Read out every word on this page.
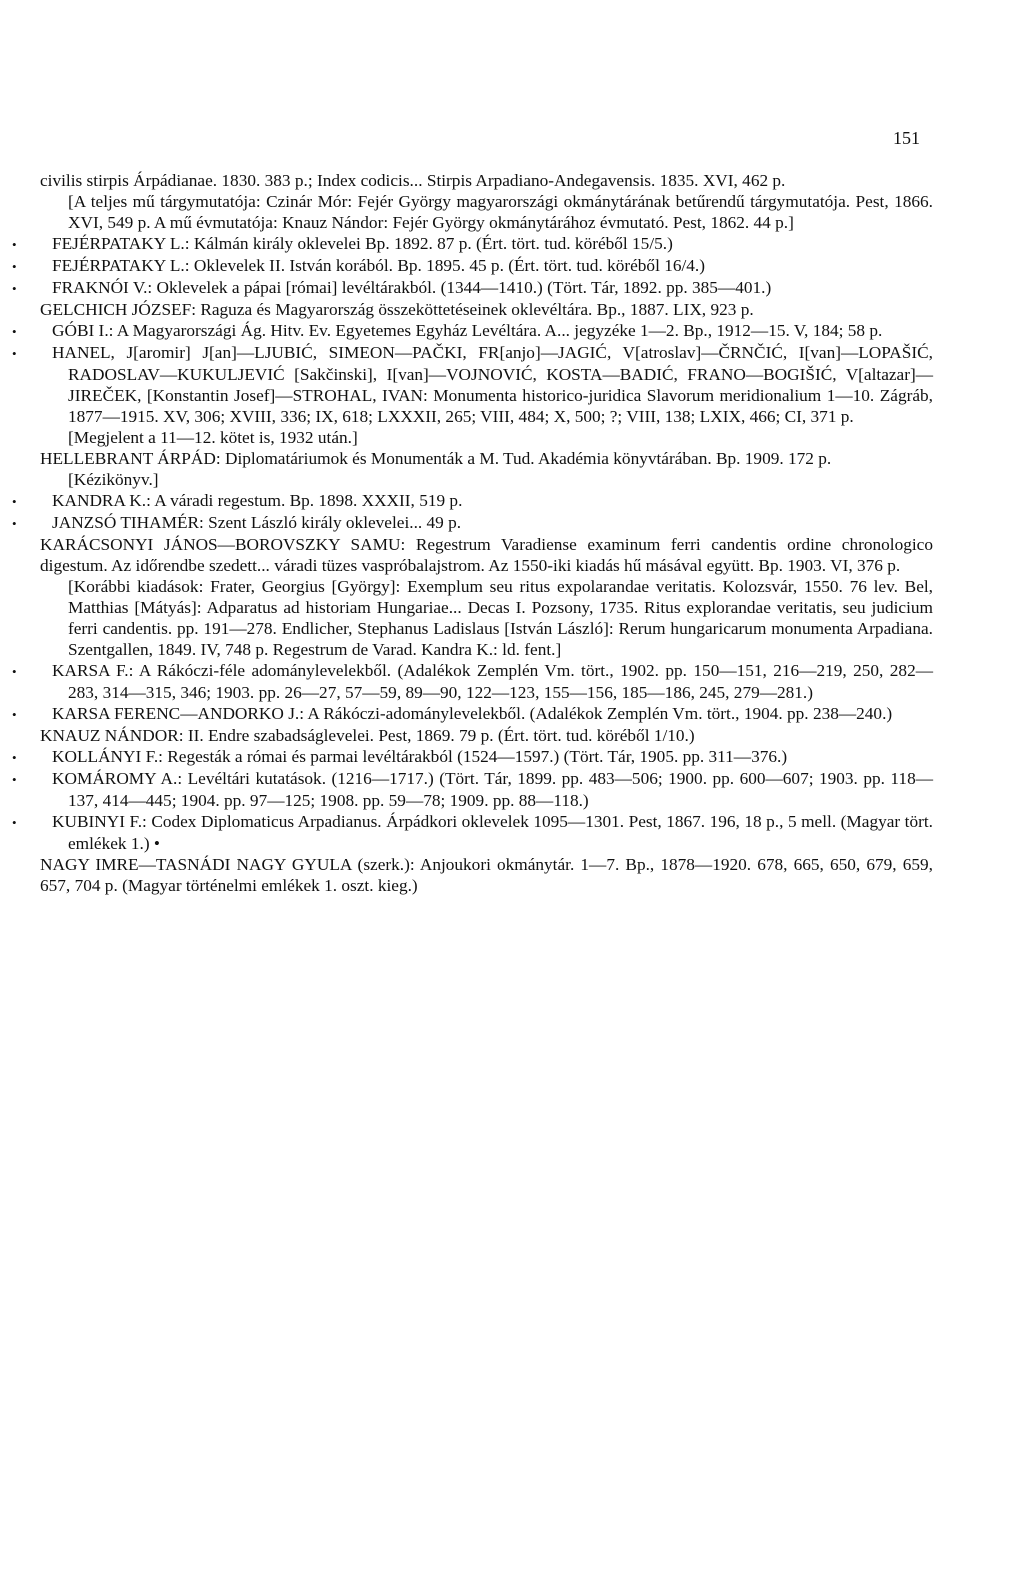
151

civilis stirpis Árpádianae. 1830. 383 p.; Index codicis... Stirpis Arpadiano-Andegavensis. 1835. XVI, 462 p.

[A teljes mű tárgymutatója: Czinár Mór: Fejér György magyarországi okmánytárának betűrendű tárgymutatója. Pest, 1866. XVI, 549 p. A mű évmutatója: Knauz Nándor: Fejér György okmánytárához évmutató. Pest, 1862. 44 p.]

• FEJÉRPATAKY L.: Kálmán király oklevelei Bp. 1892. 87 p. (Ért. tört. tud. köréből 15/5.)

• FEJÉRPATAKY L.: Oklevelek II. István korából. Bp. 1895. 45 p. (Ért. tört. tud. köréből 16/4.)

• FRAKNÓI V.: Oklevelek a pápai [római] levéltárakból. (1344—1410.) (Tört. Tár, 1892. pp. 385—401.)

GELCHICH JÓZSEF: Raguza és Magyarország összeköttetéseinek oklevéltára. Bp., 1887. LIX, 923 p.

• GÓBI I.: A Magyarországi Ág. Hitv. Ev. Egyetemes Egyház Levéltára. A... jegyzéke 1—2. Bp., 1912—15. V, 184; 58 p.

• HANEL, J[aromir] J[an]—LJUBIĆ, SIMEON—PAČKI, FR[anjo]—JAGIĆ, V[atroslav]—ČRNČIĆ, I[van]—LOPAŠIĆ, RADOSLAV—KUKULJEVIĆ [Sakčinski], I[van]—VOJNOVIĆ, KOSTA—BADIĆ, FRANO—BOGIŠIĆ, V[altazar]—JIREČEK, [Konstantin Josef]—STROHAL, IVAN: Monumenta historico-juridica Slavorum meridionalium 1—10. Zágráb, 1877—1915. XV, 306; XVIII, 336; IX, 618; LXXXII, 265; VIII, 484; X, 500; ?; VIII, 138; LXIX, 466; CI, 371 p.

[Megjelent a 11—12. kötet is, 1932 után.]

HELLEBRANT ÁRPÁD: Diplomatáriumok és Monumenták a M. Tud. Akadémia könyvtárában. Bp. 1909. 172 p.

[Kézikönyv.]

• KANDRA K.: A váradi regestum. Bp. 1898. XXXII, 519 p.

• JANZSÓ TIHAMÉR: Szent László király oklevelei... 49 p.

KARÁCSONYI JÁNOS—BOROVSZKY SAMU: Regestrum Varadiense examinum ferri candentis ordine chronologico digestum. Az időrendbe szedett... váradi tüzes vaspróbalajstrom. Az 1550-iki kiadás hű másával együtt. Bp. 1903. VI, 376 p.

[Korábbi kiadások: Frater, Georgius [György]: Exemplum seu ritus expolarandae veritatis. Kolozsvár, 1550. 76 lev. Bel, Matthias [Mátyás]: Adparatus ad historiam Hungariae... Decas I. Pozsony, 1735. Ritus explorandae veritatis, seu judicium ferri candentis. pp. 191—278. Endlicher, Stephanus Ladislaus [István László]: Rerum hungaricarum monumenta Arpadiana. Szentgallen, 1849. IV, 748 p. Regestrum de Varad. Kandra K.: ld. fent.]

• KARSA F.: A Rákóczi-féle adománylevelekből. (Adalékok Zemplén Vm. tört., 1902. pp. 150—151, 216—219, 250, 282—283, 314—315, 346; 1903. pp. 26—27, 57—59, 89—90, 122—123, 155—156, 185—186, 245, 279—281.)

• KARSA FERENC—ANDORKO J.: A Rákóczi-adománylevelekből. (Adalékok Zemplén Vm. tört., 1904. pp. 238—240.)

KNAUZ NÁNDOR: II. Endre szabadságlevelei. Pest, 1869. 79 p. (Ért. tört. tud. köréből 1/10.)

• KOLLÁNYI F.: Regesták a római és parmai levéltárakból (1524—1597.) (Tört. Tár, 1905. pp. 311—376.)

• KOMÁROMY A.: Levéltári kutatások. (1216—1717.) (Tört. Tár, 1899. pp. 483—506; 1900. pp. 600—607; 1903. pp. 118—137, 414—445; 1904. pp. 97—125; 1908. pp. 59—78; 1909. pp. 88—118.)

• KUBINYI F.: Codex Diplomaticus Arpadianus. Árpádkori oklevelek 1095—1301. Pest, 1867. 196, 18 p., 5 mell. (Magyar tört. emlékek 1.) •

NAGY IMRE—TASNÁDI NAGY GYULA (szerk.): Anjoukori okmánytár. 1—7. Bp., 1878—1920. 678, 665, 650, 679, 659, 657, 704 p. (Magyar történelmi emlékek 1. oszt. kieg.)
